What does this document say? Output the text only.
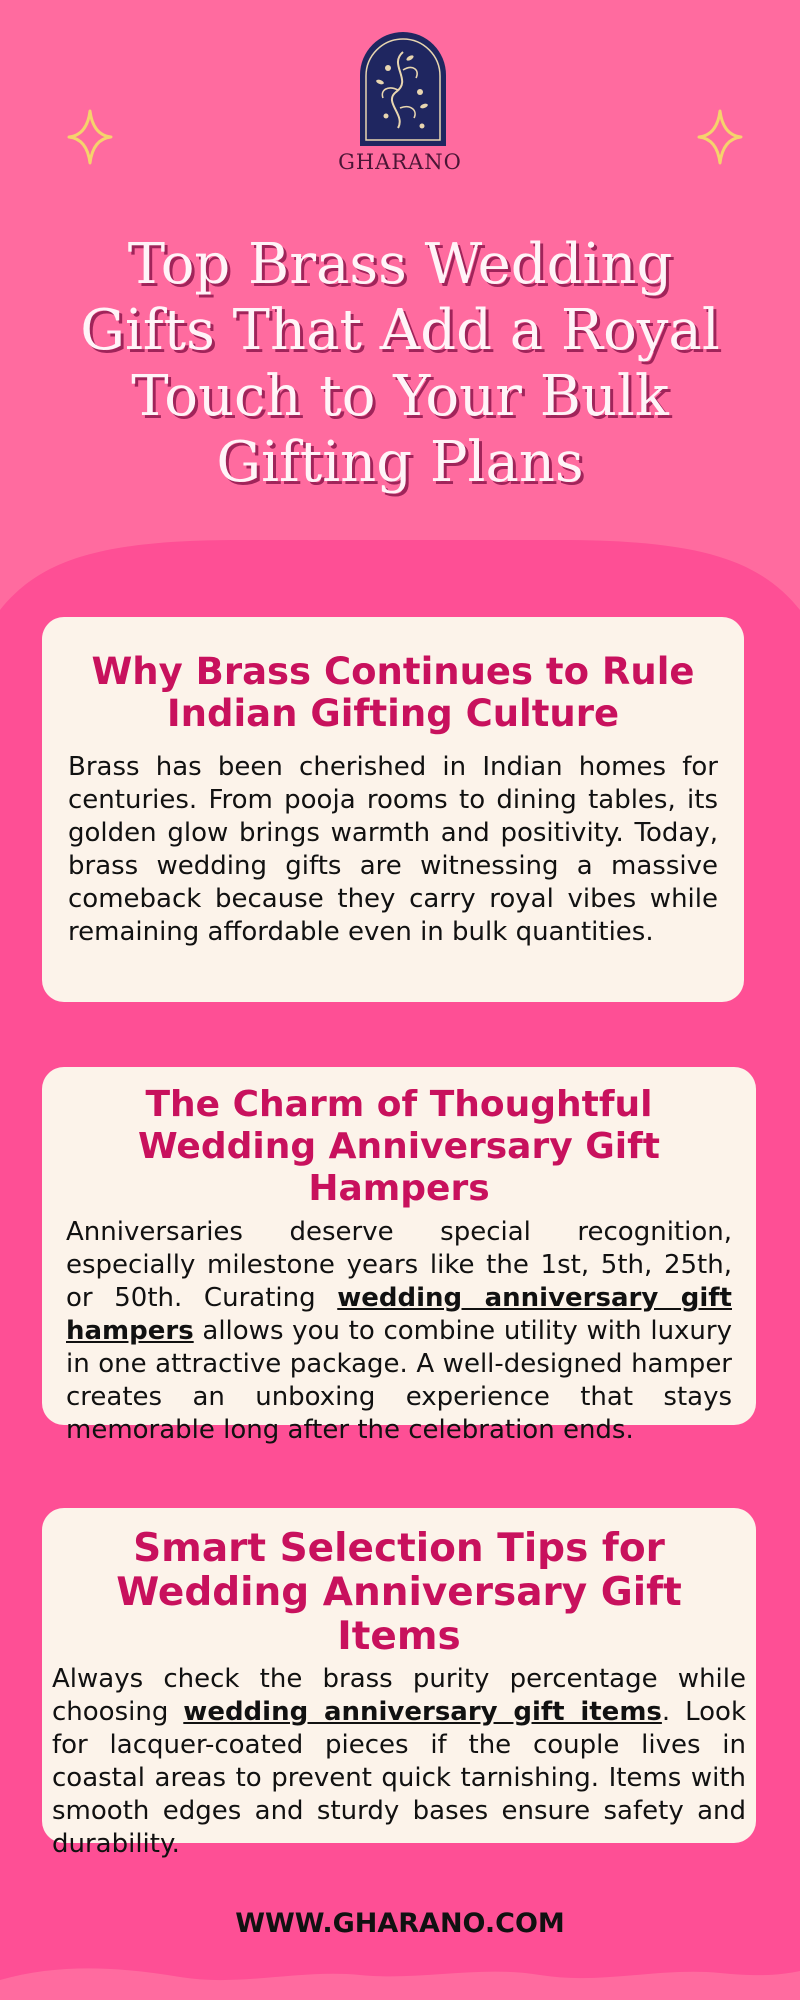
GHARANO
Top Brass Wedding Gifts That Add a Royal Touch to Your Bulk Gifting Plans
Why Brass Continues to Rule Indian Gifting Culture

Brass has been cherished in Indian homes for centuries. From pooja rooms to dining tables, its golden glow brings warmth and positivity. Today, brass wedding gifts are witnessing a massive comeback because they carry royal vibes while remaining affordable even in bulk quantities.

The Charm of Thoughtful Wedding Anniversary Gift Hampers

Anniversaries deserve special recognition, especially milestone years like the 1st, 5th, 25th, or 50th. Curating wedding anniversary gift hampers allows you to combine utility with luxury in one attractive package. A well-designed hamper creates an unboxing experience that stays memorable long after the celebration ends.

Smart Selection Tips for Wedding Anniversary Gift Items

Always check the brass purity percentage while choosing wedding anniversary gift items. Look for lacquer-coated pieces if the couple lives in coastal areas to prevent quick tarnishing. Items with smooth edges and sturdy bases ensure safety and durability.

WWW.GHARANO.COM
